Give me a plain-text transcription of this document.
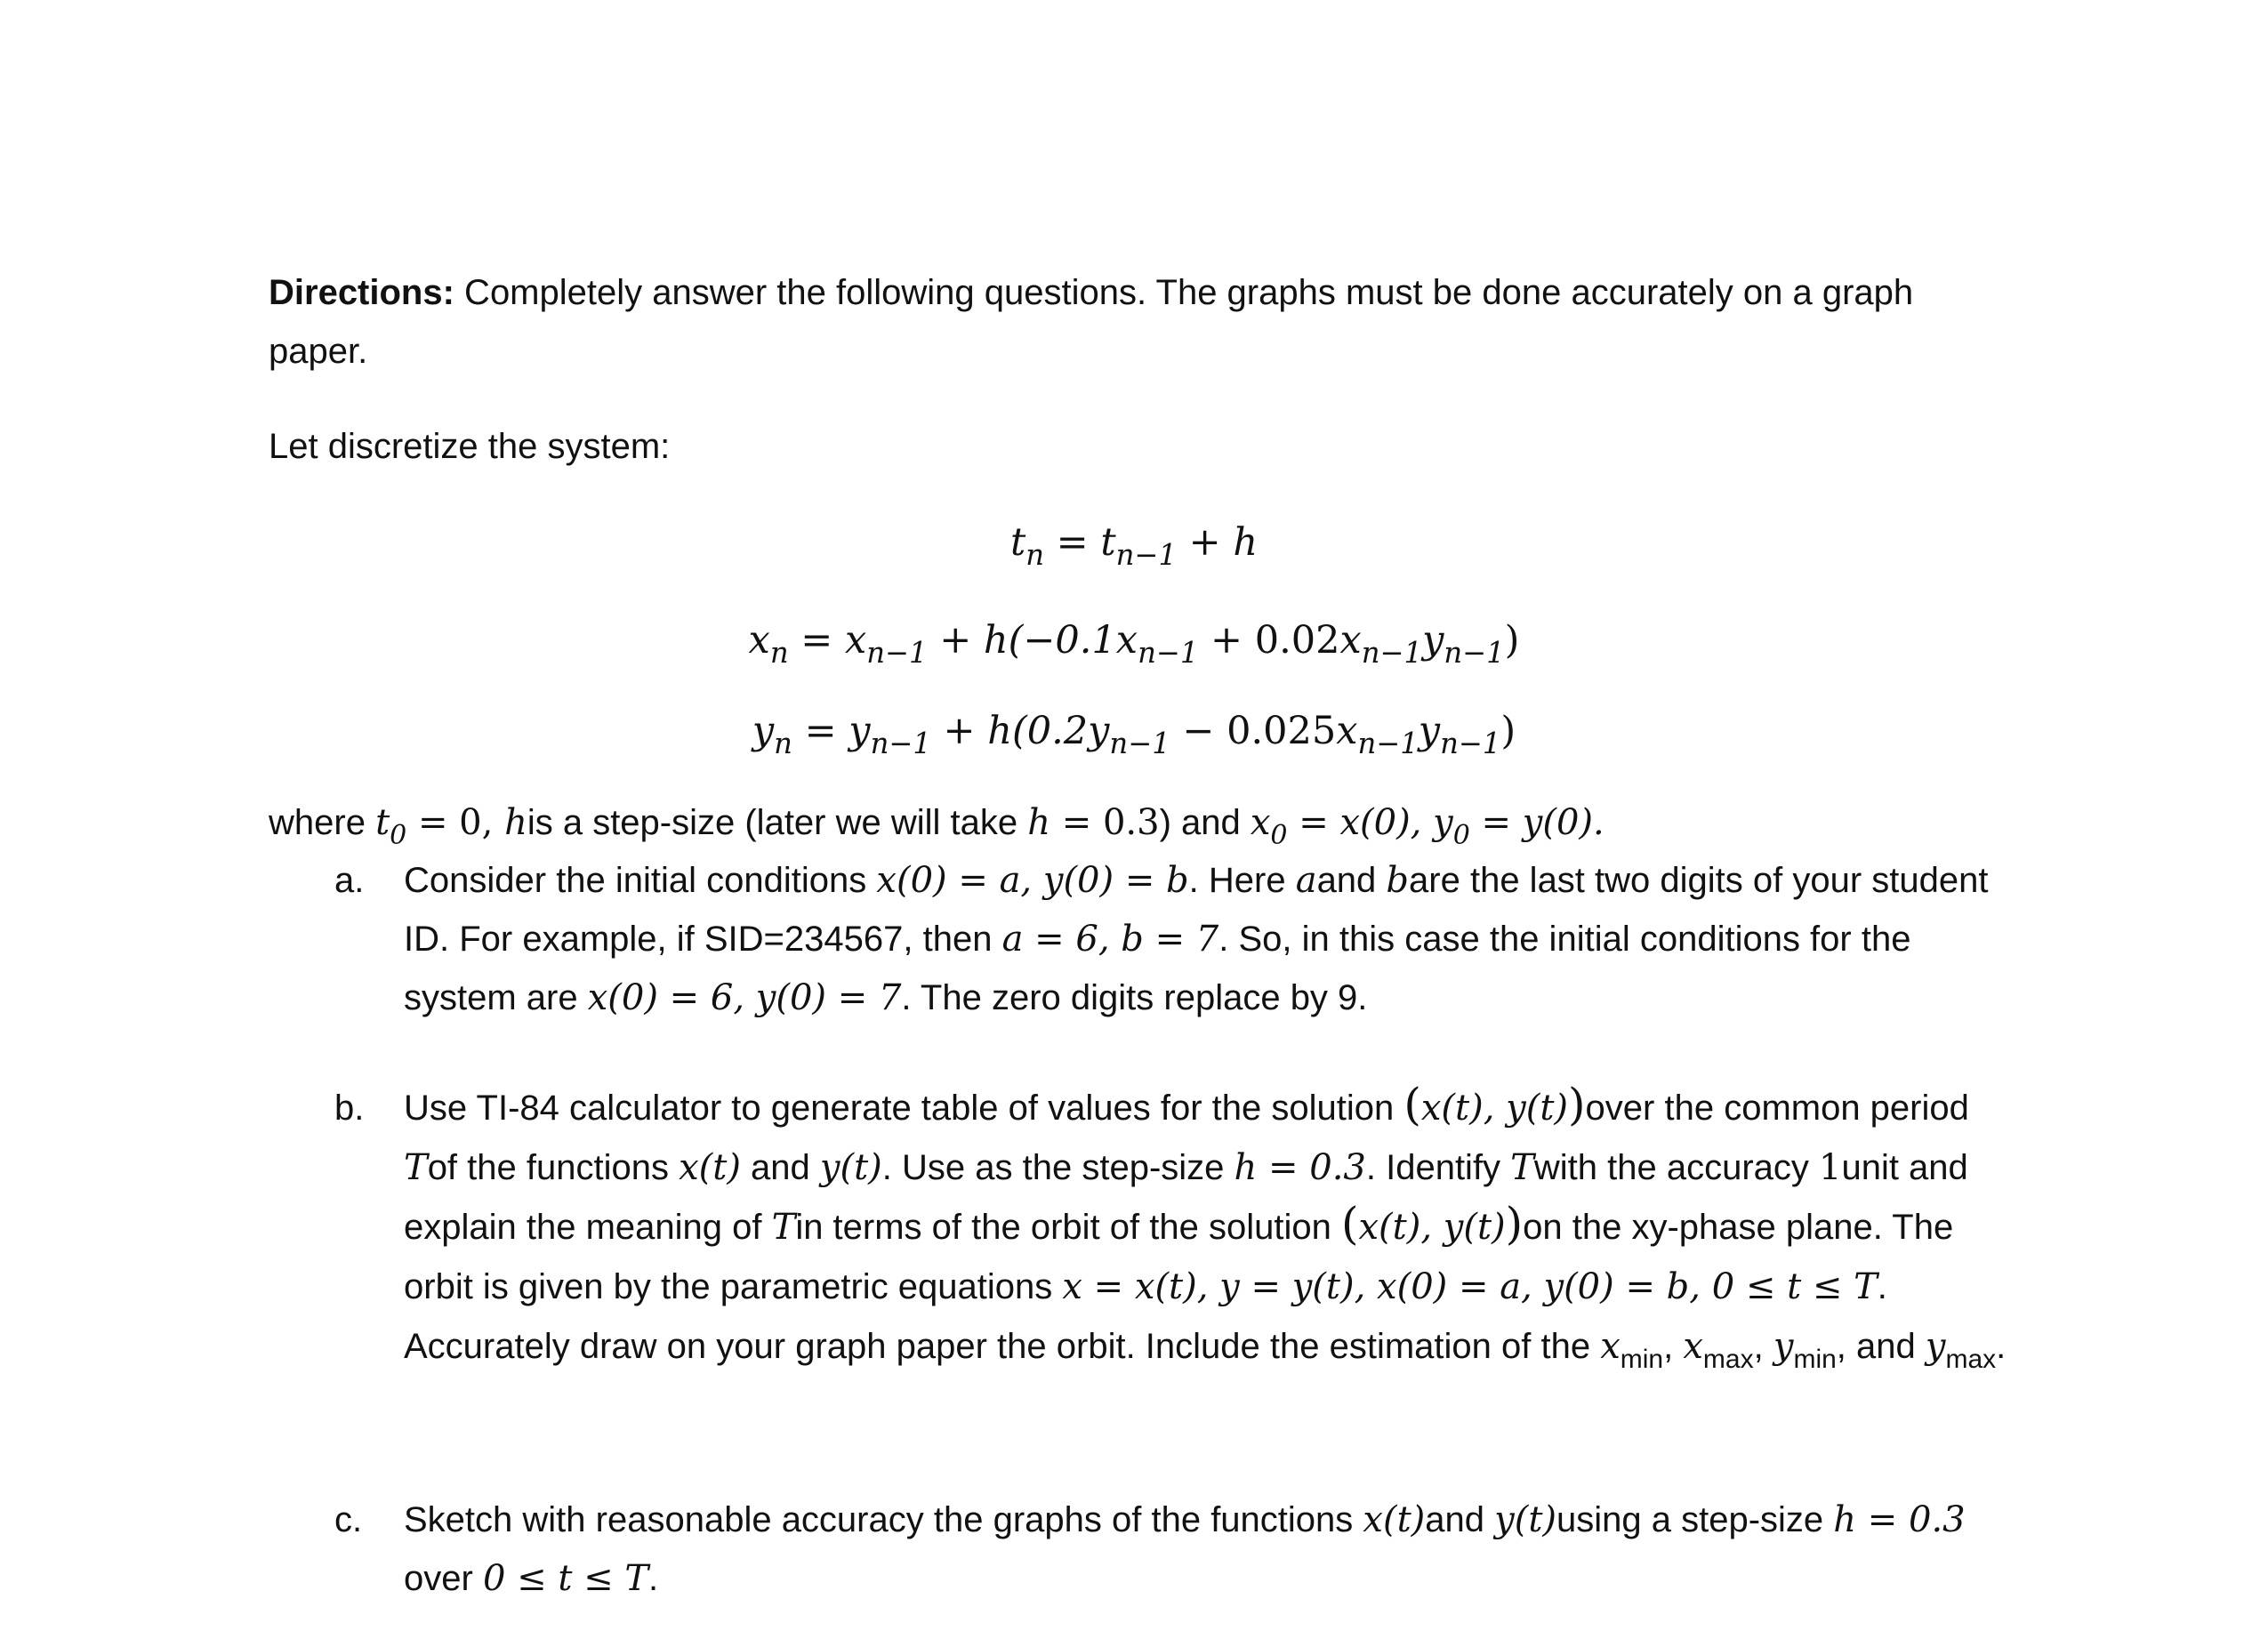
Directions: Completely answer the following questions. The graphs must be done accurately on a graph paper.
Let discretize the system:
$t_n = t_{n-1} + h$
$x_n = x_{n-1} + h(-0.1x_{n-1} + 0.02x_{n-1}y_{n-1})$
$y_n = y_{n-1} + h(0.2y_{n-1} - 0.025x_{n-1}y_{n-1})$
where $t_0 = 0$, his a step-size (later we will take h = 0.3) and $x_0 = x(0)$, $y_0 = y(0)$.
a.	Consider the initial conditions x(0) = a, y(0) = b. Here aand bare the last two digits of your student ID. For example, if SID=234567, then a = 6, b = 7. So, in this case the initial conditions for the system are x(0) = 6, y(0) = 7. The zero digits replace by 9.
b.	Use TI-84 calculator to generate table of values for the solution (x(t), y(t))over the common period Tof the functions x(t) and y(t). Use as the step-size h = 0.3. Identify Twith the accuracy 1unit and explain the meaning of Tin terms of the orbit of the solution (x(t), y(t))on the xy-phase plane. The orbit is given by the parametric equations x = x(t), y = y(t), x(0) = a, y(0) = b, 0 ≤ t ≤ T. Accurately draw on your graph paper the orbit. Include the estimation of the $x_{min}$, $x_{max}$, $y_{min}$, and $y_{max}$.
c.	Sketch with reasonable accuracy the graphs of the functions x(t)and y(t)using a step-size h = 0.3 over 0 ≤ t ≤ T.
